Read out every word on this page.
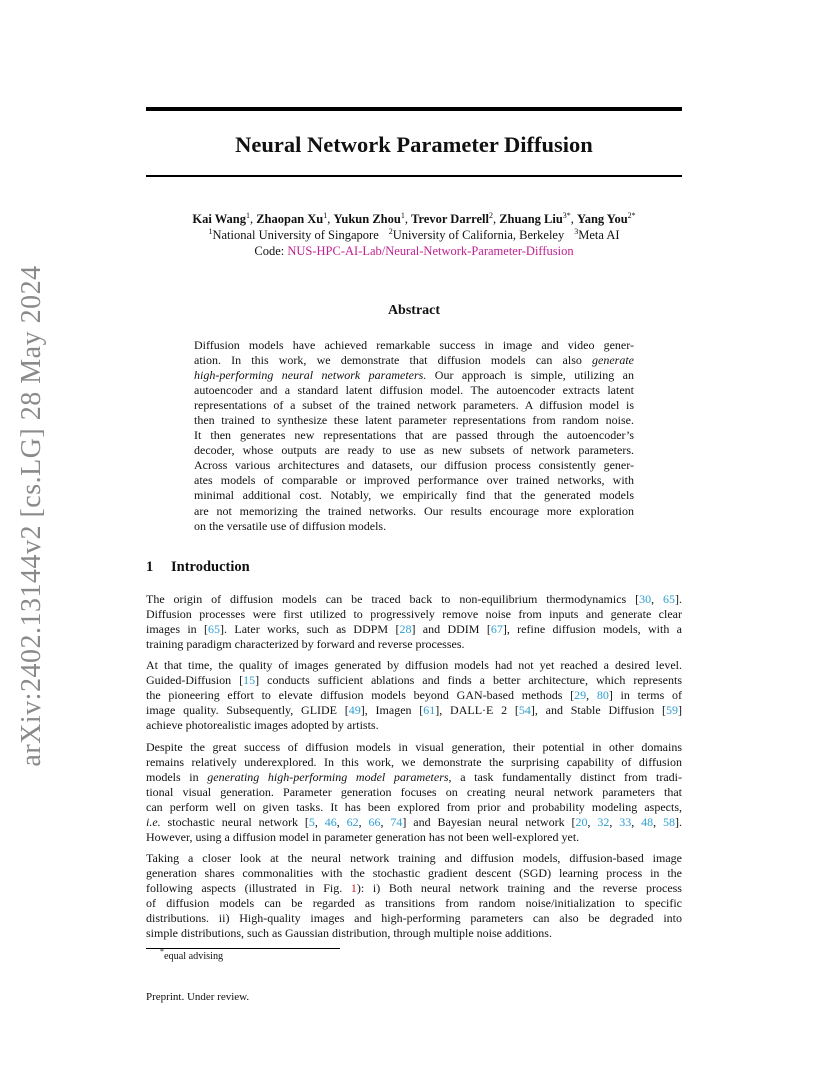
arXiv:2402.13144v2 [cs.LG] 28 May 2024
Neural Network Parameter Diffusion
Kai Wang$^1$, Zhaopan Xu$^1$, Yukun Zhou$^1$, Trevor Darrell$^2$, Zhuang Liu$^{3*}$, Yang You$^{2*}$
$^1$National University of Singapore $^2$University of California, Berkeley $^3$Meta AI
Code: NUS-HPC-AI-Lab/Neural-Network-Parameter-Diffusion
Abstract
Diffusion models have achieved remarkable success in image and video gener-
ation. In this work, we demonstrate that diffusion models can also generate
high-performing neural network parameters. Our approach is simple, utilizing an
autoencoder and a standard latent diffusion model. The autoencoder extracts latent
representations of a subset of the trained network parameters. A diffusion model is
then trained to synthesize these latent parameter representations from random noise.
It then generates new representations that are passed through the autoencoder’s
decoder, whose outputs are ready to use as new subsets of network parameters.
Across various architectures and datasets, our diffusion process consistently gener-
ates models of comparable or improved performance over trained networks, with
minimal additional cost. Notably, we empirically find that the generated models
are not memorizing the trained networks. Our results encourage more exploration
on the versatile use of diffusion models.
1 Introduction
The origin of diffusion models can be traced back to non-equilibrium thermodynamics [30, 65].
Diffusion processes were first utilized to progressively remove noise from inputs and generate clear
images in [65]. Later works, such as DDPM [28] and DDIM [67], refine diffusion models, with a
training paradigm characterized by forward and reverse processes.
At that time, the quality of images generated by diffusion models had not yet reached a desired level.
Guided-Diffusion [15] conducts sufficient ablations and finds a better architecture, which represents
the pioneering effort to elevate diffusion models beyond GAN-based methods [29, 80] in terms of
image quality. Subsequently, GLIDE [49], Imagen [61], DALL·E 2 [54], and Stable Diffusion [59]
achieve photorealistic images adopted by artists.
Despite the great success of diffusion models in visual generation, their potential in other domains
remains relatively underexplored. In this work, we demonstrate the surprising capability of diffusion
models in generating high-performing model parameters, a task fundamentally distinct from tradi-
tional visual generation. Parameter generation focuses on creating neural network parameters that
can perform well on given tasks. It has been explored from prior and probability modeling aspects,
i.e. stochastic neural network [5, 46, 62, 66, 74] and Bayesian neural network [20, 32, 33, 48, 58].
However, using a diffusion model in parameter generation has not been well-explored yet.
Taking a closer look at the neural network training and diffusion models, diffusion-based image
generation shares commonalities with the stochastic gradient descent (SGD) learning process in the
following aspects (illustrated in Fig. 1): i) Both neural network training and the reverse process
of diffusion models can be regarded as transitions from random noise/initialization to specific
distributions. ii) High-quality images and high-performing parameters can also be degraded into
simple distributions, such as Gaussian distribution, through multiple noise additions.
*equal advising
Preprint. Under review.
